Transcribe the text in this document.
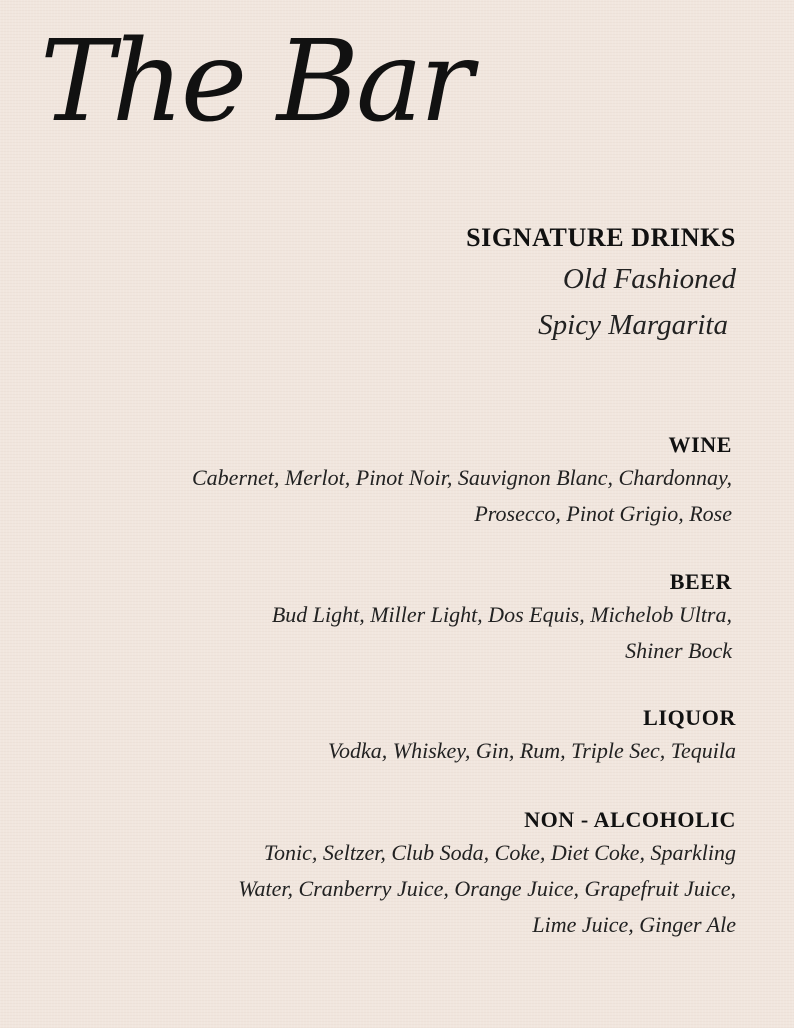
The Bar
SIGNATURE DRINKS
Old Fashioned
Spicy Margarita
WINE
Cabernet, Merlot, Pinot Noir, Sauvignon Blanc, Chardonnay,
Prosecco, Pinot Grigio, Rose
BEER
Bud Light, Miller Light, Dos Equis, Michelob Ultra,
Shiner Bock
LIQUOR
Vodka, Whiskey, Gin, Rum, Triple Sec, Tequila
NON - ALCOHOLIC
Tonic, Seltzer, Club Soda, Coke, Diet Coke, Sparkling
Water, Cranberry Juice, Orange Juice, Grapefruit Juice,
Lime Juice, Ginger Ale
